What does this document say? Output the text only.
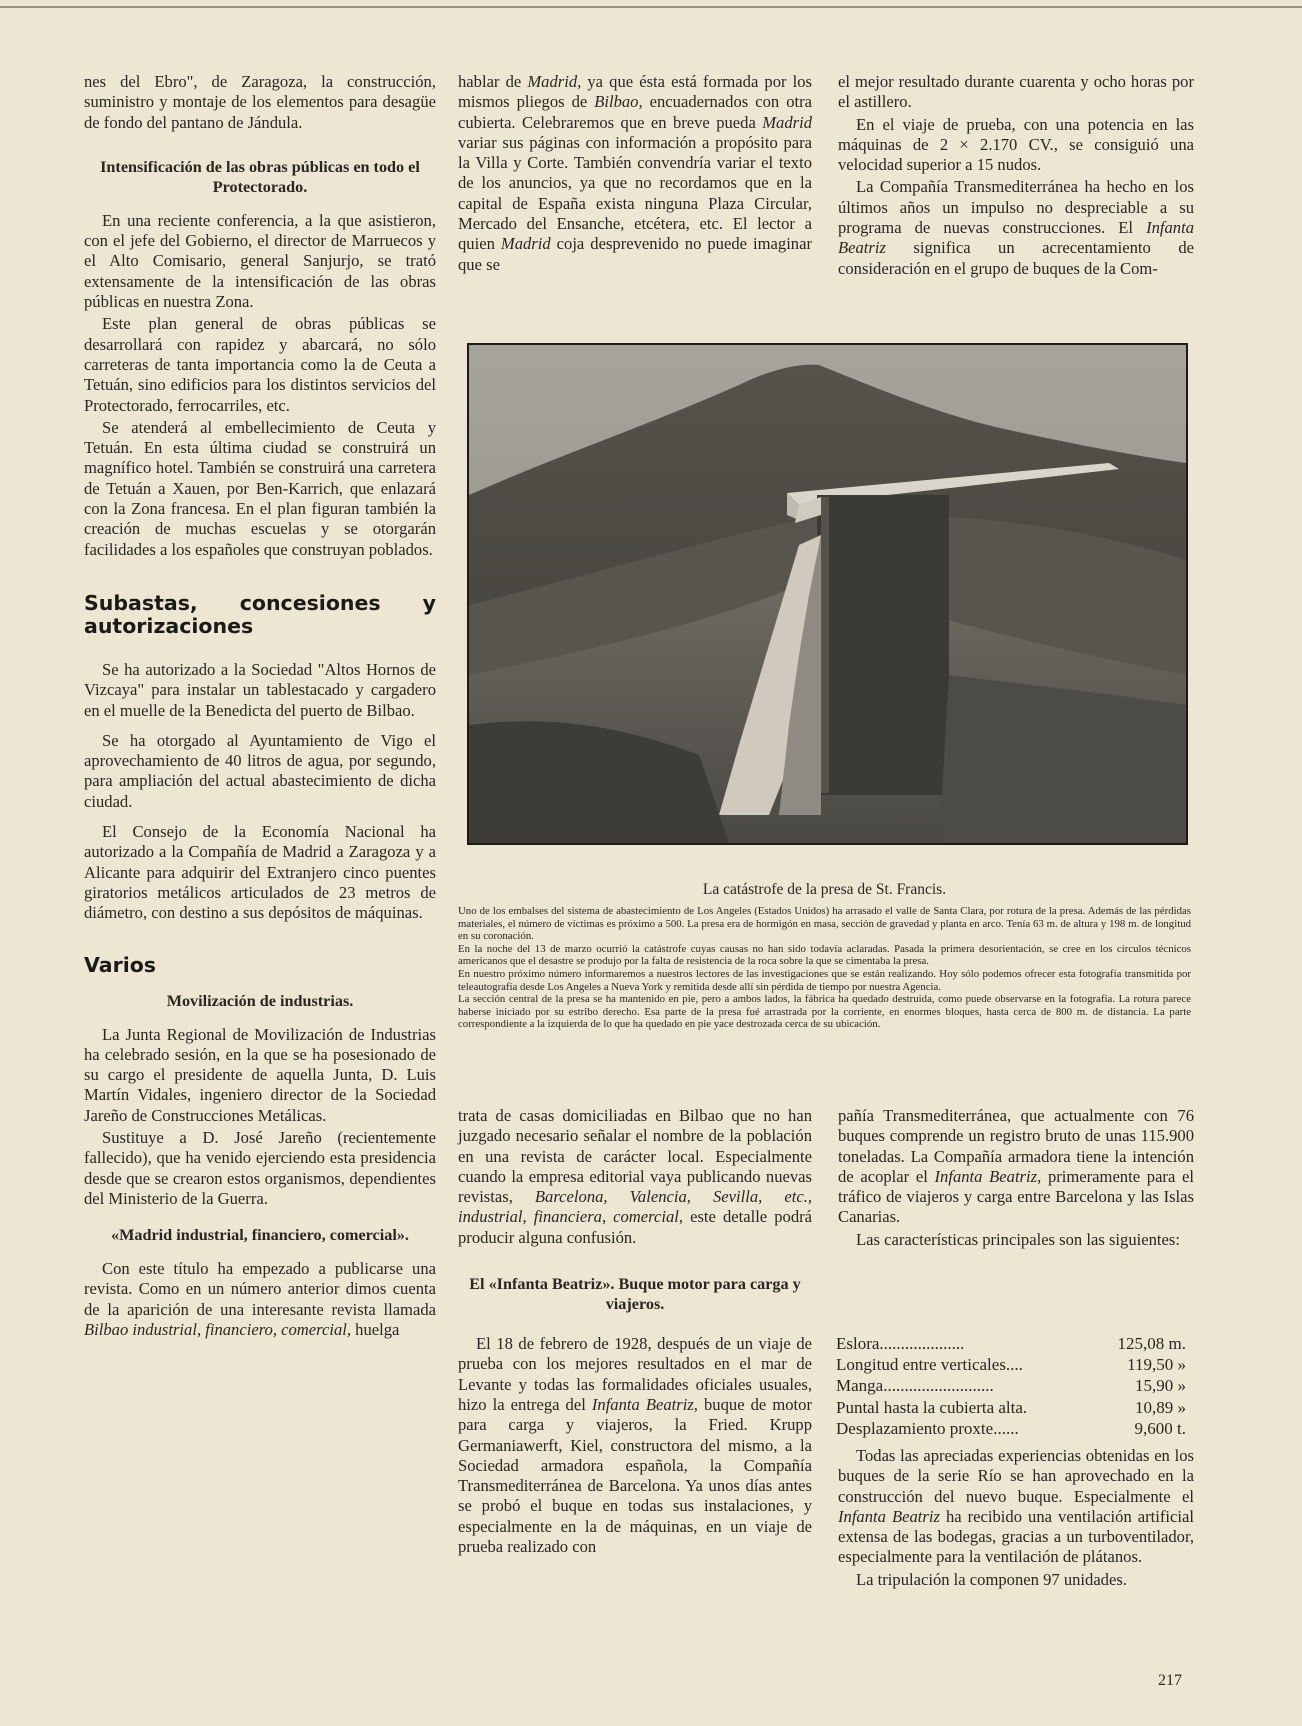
nes del Ebro", de Zaragoza, la construcción, suministro y montaje de los elementos para desagüe de fondo del pantano de Jándula.

Intensificación de las obras públicas en todo el Protectorado.

En una reciente conferencia, a la que asistieron, con el jefe del Gobierno, el director de Marruecos y el Alto Comisario, general Sanjurjo, se trató extensamente de la intensificación de las obras públicas en nuestra Zona.

Este plan general de obras públicas se desarrollará con rapidez y abarcará, no sólo carreteras de tanta importancia como la de Ceuta a Tetuán, sino edificios para los distintos servicios del Protectorado, ferrocarriles, etc.

Se atenderá al embellecimiento de Ceuta y Tetuán. En esta última ciudad se construirá un magnífico hotel. También se construirá una carretera de Tetuán a Xauen, por Ben-Karrich, que enlazará con la Zona francesa. En el plan figuran también la creación de muchas escuelas y se otorgarán facilidades a los españoles que construyan poblados.

Subastas, concesiones y autorizaciones

Se ha autorizado a la Sociedad "Altos Hornos de Vizcaya" para instalar un tablestacado y cargadero en el muelle de la Benedicta del puerto de Bilbao.

Se ha otorgado al Ayuntamiento de Vigo el aprovechamiento de 40 litros de agua, por segundo, para ampliación del actual abastecimiento de dicha ciudad.

El Consejo de la Economía Nacional ha autorizado a la Compañía de Madrid a Zaragoza y a Alicante para adquirir del Extranjero cinco puentes giratorios metálicos articulados de 23 metros de diámetro, con destino a sus depósitos de máquinas.

Varios

Movilización de industrias.

La Junta Regional de Movilización de Industrias ha celebrado sesión, en la que se ha posesionado de su cargo el presidente de aquella Junta, D. Luis Martín Vidales, ingeniero director de la Sociedad Jareño de Construcciones Metálicas.

Sustituye a D. José Jareño (recientemente fallecido), que ha venido ejerciendo esta presidencia desde que se crearon estos organismos, dependientes del Ministerio de la Guerra.

«Madrid industrial, financiero, comercial».

Con este título ha empezado a publicarse una revista. Como en un número anterior dimos cuenta de la aparición de una interesante revista llamada Bilbao industrial, financiero, comercial, huelga

hablar de Madrid, ya que ésta está formada por los mismos pliegos de Bilbao, encuadernados con otra cubierta. Celebraremos que en breve pueda Madrid variar sus páginas con información a propósito para la Villa y Corte. También convendría variar el texto de los anuncios, ya que no recordamos que en la capital de España exista ninguna Plaza Circular, Mercado del Ensanche, etcétera, etc. El lector a quien Madrid coja desprevenido no puede imaginar que se

el mejor resultado durante cuarenta y ocho horas por el astillero.

En el viaje de prueba, con una potencia en las máquinas de 2 × 2.170 CV., se consiguió una velocidad superior a 15 nudos.

La Compañía Transmediterránea ha hecho en los últimos años un impulso no despreciable a su programa de nuevas construcciones. El Infanta Beatriz significa un acrecentamiento de consideración en el grupo de buques de la Com-

La catástrofe de la presa de St. Francis.

Uno de los embalses del sistema de abastecimiento de Los Angeles (Estados Unidos) ha arrasado el valle de Santa Clara, por rotura de la presa. Además de las pérdidas materiales, el número de víctimas es próximo a 500. La presa era de hormigón en masa, sección de gravedad y planta en arco. Tenía 63 m. de altura y 198 m. de longitud en su coronación.

En la noche del 13 de marzo ocurrió la catástrofe cuyas causas no han sido todavía aclaradas. Pasada la primera desorientación, se cree en los círculos técnicos americanos que el desastre se produjo por la falta de resistencia de la roca sobre la que se cimentaba la presa.

En nuestro próximo número informaremos a nuestros lectores de las investigaciones que se están realizando. Hoy sólo podemos ofrecer esta fotografía transmitida por teleautografía desde Los Angeles a Nueva York y remitida desde allí sin pérdida de tiempo por nuestra Agencia.

La sección central de la presa se ha mantenido en pie, pero a ambos lados, la fábrica ha quedado destruida, como puede observarse en la fotografía. La rotura parece haberse iniciado por su estribo derecho. Esa parte de la presa fué arrastrada por la corriente, en enormes bloques, hasta cerca de 800 m. de distancia. La parte correspondiente a la izquierda de lo que ha quedado en pie yace destrozada cerca de su ubicación.

trata de casas domiciliadas en Bilbao que no han juzgado necesario señalar el nombre de la población en una revista de carácter local. Especialmente cuando la empresa editorial vaya publicando nuevas revistas, Barcelona, Valencia, Sevilla, etc., industrial, financiera, comercial, este detalle podrá producir alguna confusión.

El «Infanta Beatriz». Buque motor para carga y viajeros.

El 18 de febrero de 1928, después de un viaje de prueba con los mejores resultados en el mar de Levante y todas las formalidades oficiales usuales, hizo la entrega del Infanta Beatriz, buque de motor para carga y viajeros, la Fried. Krupp Germaniawerft, Kiel, constructora del mismo, a la Sociedad armadora española, la Compañía Transmediterránea de Barcelona. Ya unos días antes se probó el buque en todas sus instalaciones, y especialmente en la de máquinas, en un viaje de prueba realizado con

pañía Transmediterránea, que actualmente con 76 buques comprende un registro bruto de unas 115.900 toneladas. La Compañía armadora tiene la intención de acoplar el Infanta Beatriz, primeramente para el tráfico de viajeros y carga entre Barcelona y las Islas Canarias.

Las características principales son las siguientes:

Eslora....................	125,08 m.
Longitud entre verticales....	119,50 »
Manga..........................	15,90 »
Puntal hasta la cubierta alta.	10,89 »
Desplazamiento proxte......	9,600 t.

Todas las apreciadas experiencias obtenidas en los buques de la serie Río se han aprovechado en la construcción del nuevo buque. Especialmente el Infanta Beatriz ha recibido una ventilación artificial extensa de las bodegas, gracias a un turboventilador, especialmente para la ventilación de plátanos.

La tripulación la componen 97 unidades.

217
